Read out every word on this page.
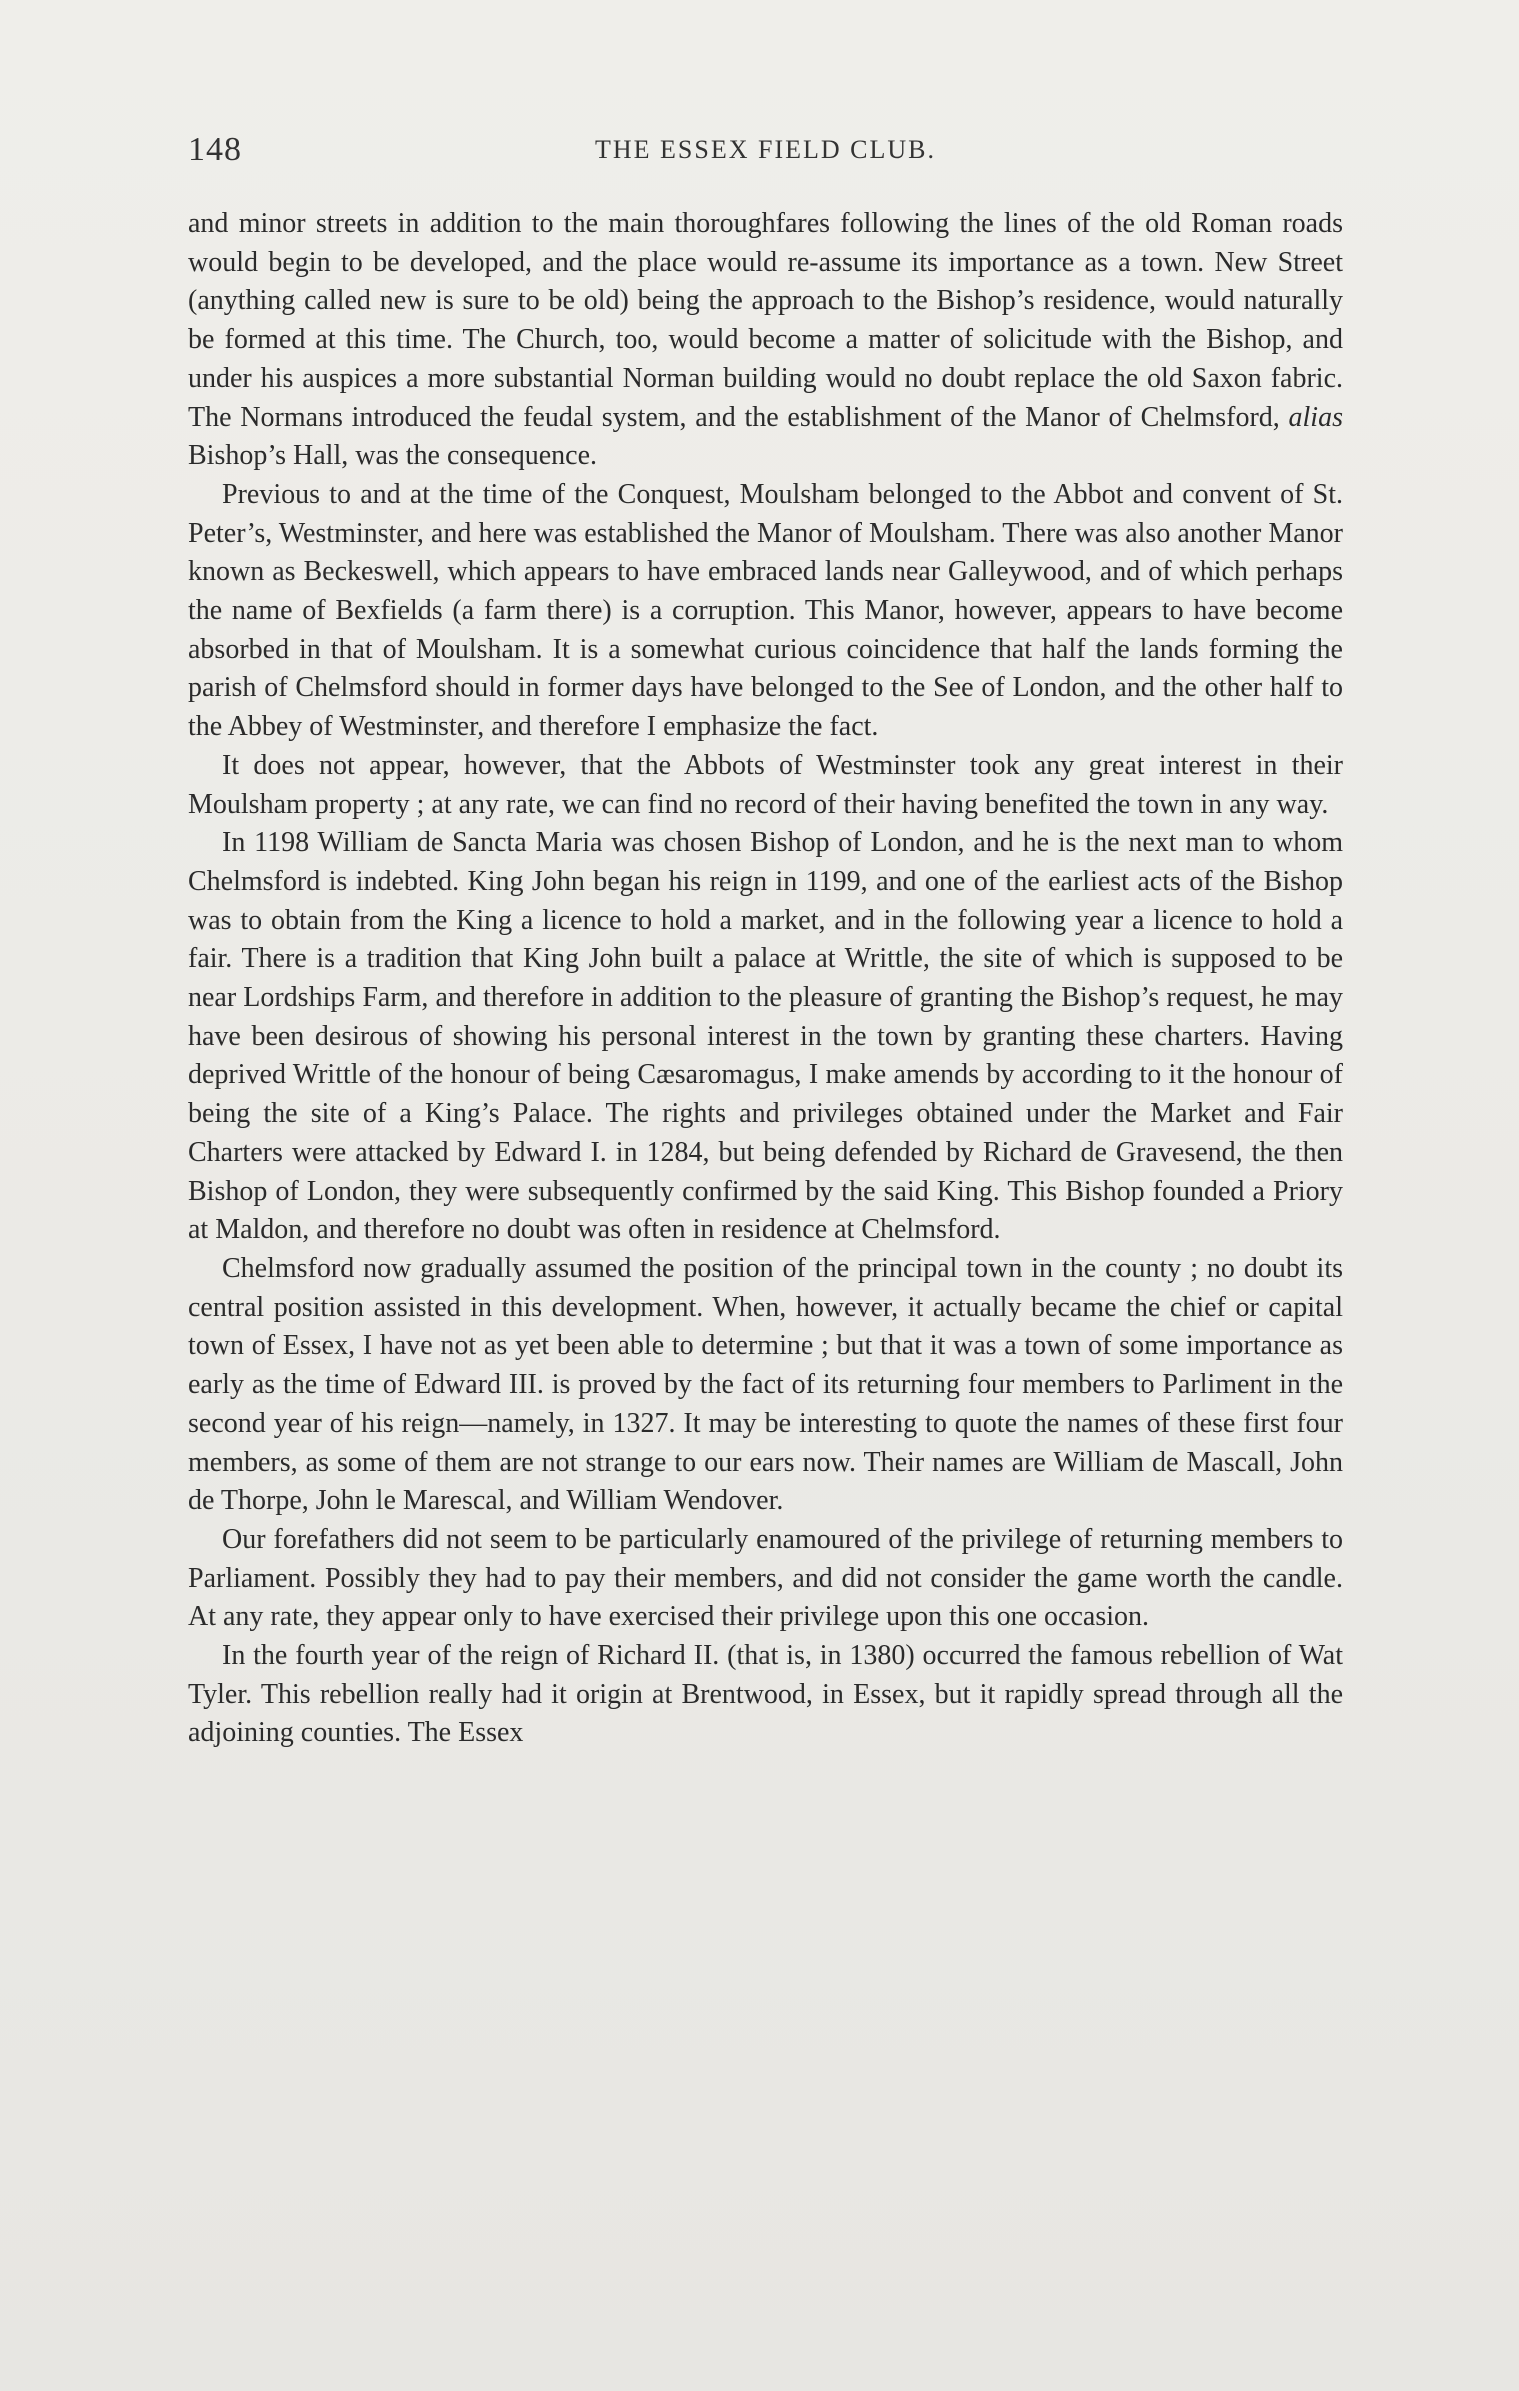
148	THE ESSEX FIELD CLUB.

and minor streets in addition to the main thoroughfares following the lines of the old Roman roads would begin to be developed, and the place would re-assume its importance as a town. New Street (anything called new is sure to be old) being the approach to the Bishop’s residence, would naturally be formed at this time. The Church, too, would become a matter of solicitude with the Bishop, and under his auspices a more substantial Norman building would no doubt replace the old Saxon fabric. The Normans introduced the feudal system, and the establishment of the Manor of Chelmsford, alias Bishop’s Hall, was the consequence.

Previous to and at the time of the Conquest, Moulsham belonged to the Abbot and convent of St. Peter’s, Westminster, and here was established the Manor of Moulsham. There was also another Manor known as Beckeswell, which appears to have embraced lands near Galleywood, and of which perhaps the name of Bexfields (a farm there) is a corruption. This Manor, however, appears to have become absorbed in that of Moulsham. It is a somewhat curious coincidence that half the lands forming the parish of Chelmsford should in former days have belonged to the See of London, and the other half to the Abbey of Westminster, and therefore I emphasize the fact.

It does not appear, however, that the Abbots of Westminster took any great interest in their Moulsham property ; at any rate, we can find no record of their having benefited the town in any way.

In 1198 William de Sancta Maria was chosen Bishop of London, and he is the next man to whom Chelmsford is indebted. King John began his reign in 1199, and one of the earliest acts of the Bishop was to obtain from the King a licence to hold a market, and in the following year a licence to hold a fair. There is a tradition that King John built a palace at Writtle, the site of which is supposed to be near Lordships Farm, and therefore in addition to the pleasure of granting the Bishop’s request, he may have been desirous of showing his personal interest in the town by granting these charters. Having deprived Writtle of the honour of being Cæsaromagus, I make amends by according to it the honour of being the site of a King’s Palace. The rights and privileges obtained under the Market and Fair Charters were attacked by Edward I. in 1284, but being defended by Richard de Gravesend, the then Bishop of London, they were subsequently confirmed by the said King. This Bishop founded a Priory at Maldon, and therefore no doubt was often in residence at Chelmsford.

Chelmsford now gradually assumed the position of the principal town in the county ; no doubt its central position assisted in this development. When, however, it actually became the chief or capital town of Essex, I have not as yet been able to determine ; but that it was a town of some importance as early as the time of Edward III. is proved by the fact of its returning four members to Parliment in the second year of his reign—namely, in 1327. It may be interesting to quote the names of these first four members, as some of them are not strange to our ears now. Their names are William de Mascall, John de Thorpe, John le Marescal, and William Wendover.

Our forefathers did not seem to be particularly enamoured of the privilege of returning members to Parliament. Possibly they had to pay their members, and did not consider the game worth the candle. At any rate, they appear only to have exercised their privilege upon this one occasion.

In the fourth year of the reign of Richard II. (that is, in 1380) occurred the famous rebellion of Wat Tyler. This rebellion really had it origin at Brentwood, in Essex, but it rapidly spread through all the adjoining counties. The Essex
